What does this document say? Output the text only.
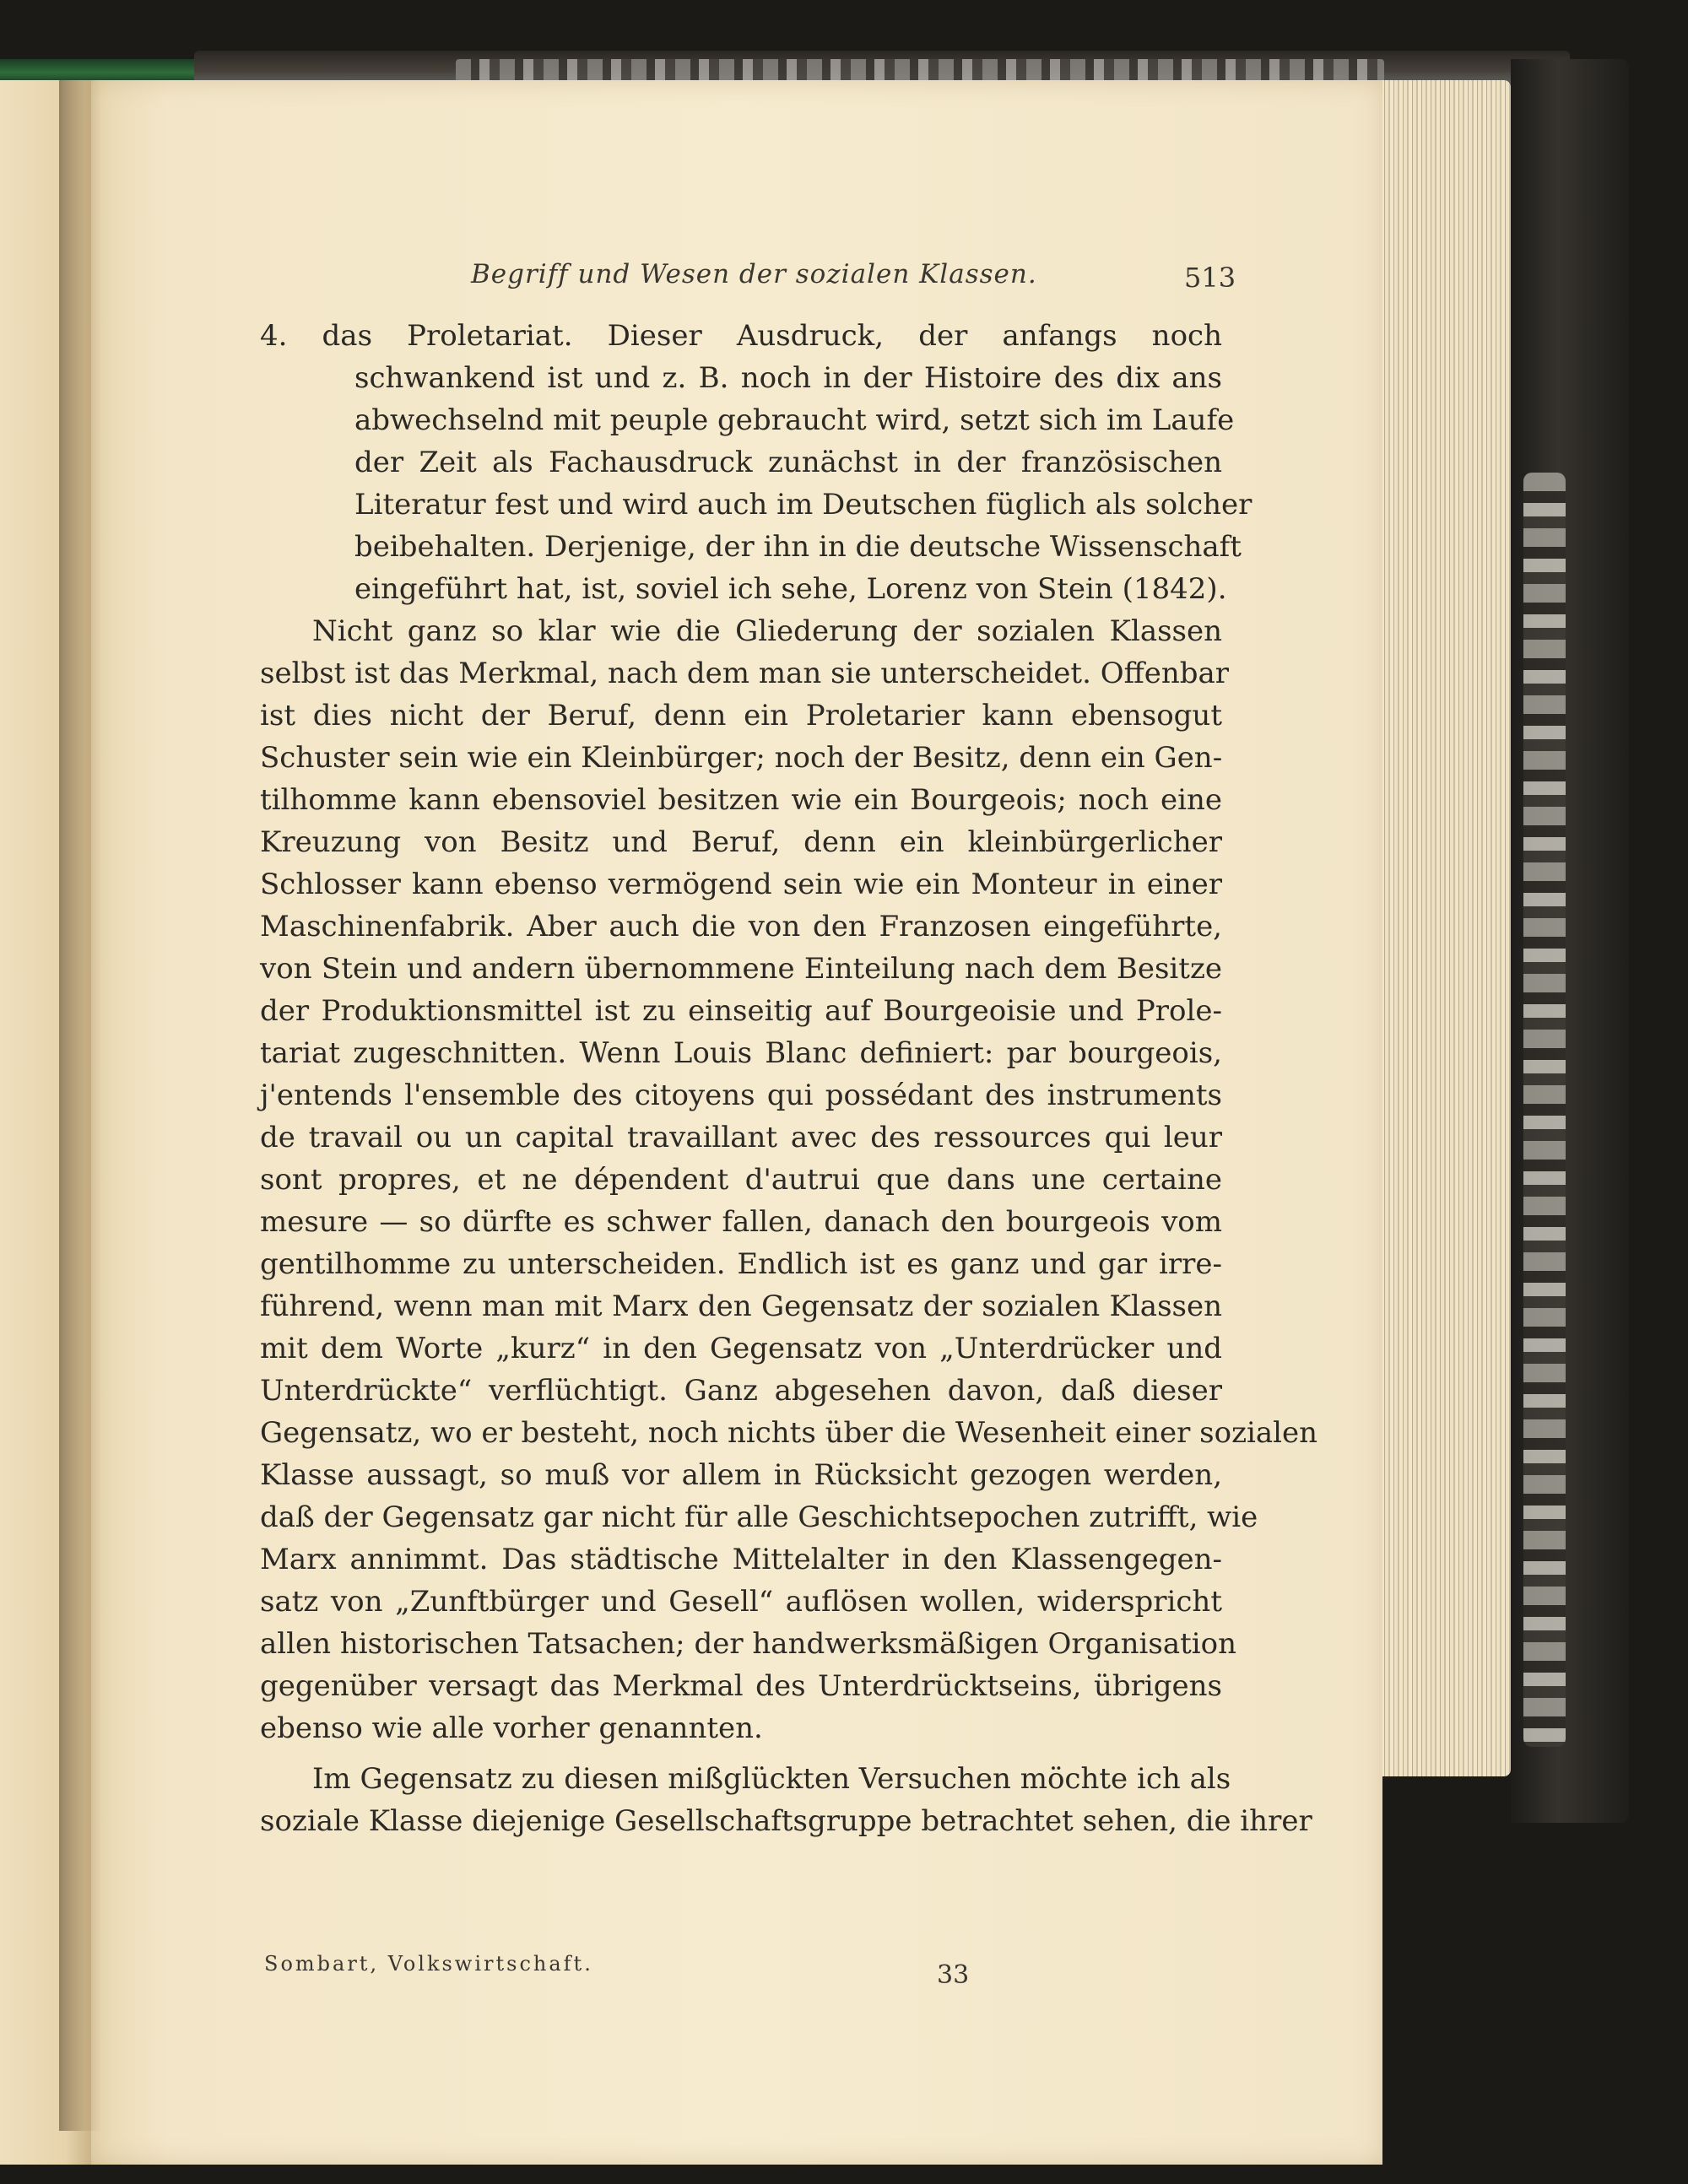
Begriff und Wesen der sozialen Klassen.	513
4. das Proletariat. Dieser Ausdruck, der anfangs noch
schwankend ist und z. B. noch in der Histoire des dix ans
abwechselnd mit peuple gebraucht wird, setzt sich im Laufe
der Zeit als Fachausdruck zunächst in der französischen
Literatur fest und wird auch im Deutschen füglich als solcher
beibehalten. Derjenige, der ihn in die deutsche Wissenschaft
eingeführt hat, ist, soviel ich sehe, Lorenz von Stein (1842).
Nicht ganz so klar wie die Gliederung der sozialen Klassen
selbst ist das Merkmal, nach dem man sie unterscheidet. Offenbar
ist dies nicht der Beruf, denn ein Proletarier kann ebensogut
Schuster sein wie ein Kleinbürger; noch der Besitz, denn ein Gen-
tilhomme kann ebensoviel besitzen wie ein Bourgeois; noch eine
Kreuzung von Besitz und Beruf, denn ein kleinbürgerlicher
Schlosser kann ebenso vermögend sein wie ein Monteur in einer
Maschinenfabrik. Aber auch die von den Franzosen eingeführte,
von Stein und andern übernommene Einteilung nach dem Besitze
der Produktionsmittel ist zu einseitig auf Bourgeoisie und Prole-
tariat zugeschnitten. Wenn Louis Blanc definiert: par bourgeois,
j'entends l'ensemble des citoyens qui possédant des instruments
de travail ou un capital travaillant avec des ressources qui leur
sont propres, et ne dépendent d'autrui que dans une certaine
mesure — so dürfte es schwer fallen, danach den bourgeois vom
gentilhomme zu unterscheiden. Endlich ist es ganz und gar irre-
führend, wenn man mit Marx den Gegensatz der sozialen Klassen
mit dem Worte „kurz“ in den Gegensatz von „Unterdrücker und
Unterdrückte“ verflüchtigt. Ganz abgesehen davon, daß dieser
Gegensatz, wo er besteht, noch nichts über die Wesenheit einer sozialen
Klasse aussagt, so muß vor allem in Rücksicht gezogen werden,
daß der Gegensatz gar nicht für alle Geschichtsepochen zutrifft, wie
Marx annimmt. Das städtische Mittelalter in den Klassengegen-
satz von „Zunftbürger und Gesell“ auflösen wollen, widerspricht
allen historischen Tatsachen; der handwerksmäßigen Organisation
gegenüber versagt das Merkmal des Unterdrücktseins, übrigens
ebenso wie alle vorher genannten.
Im Gegensatz zu diesen mißglückten Versuchen möchte ich als
soziale Klasse diejenige Gesellschaftsgruppe betrachtet sehen, die ihrer
Sombart, Volkswirtschaft.	33
